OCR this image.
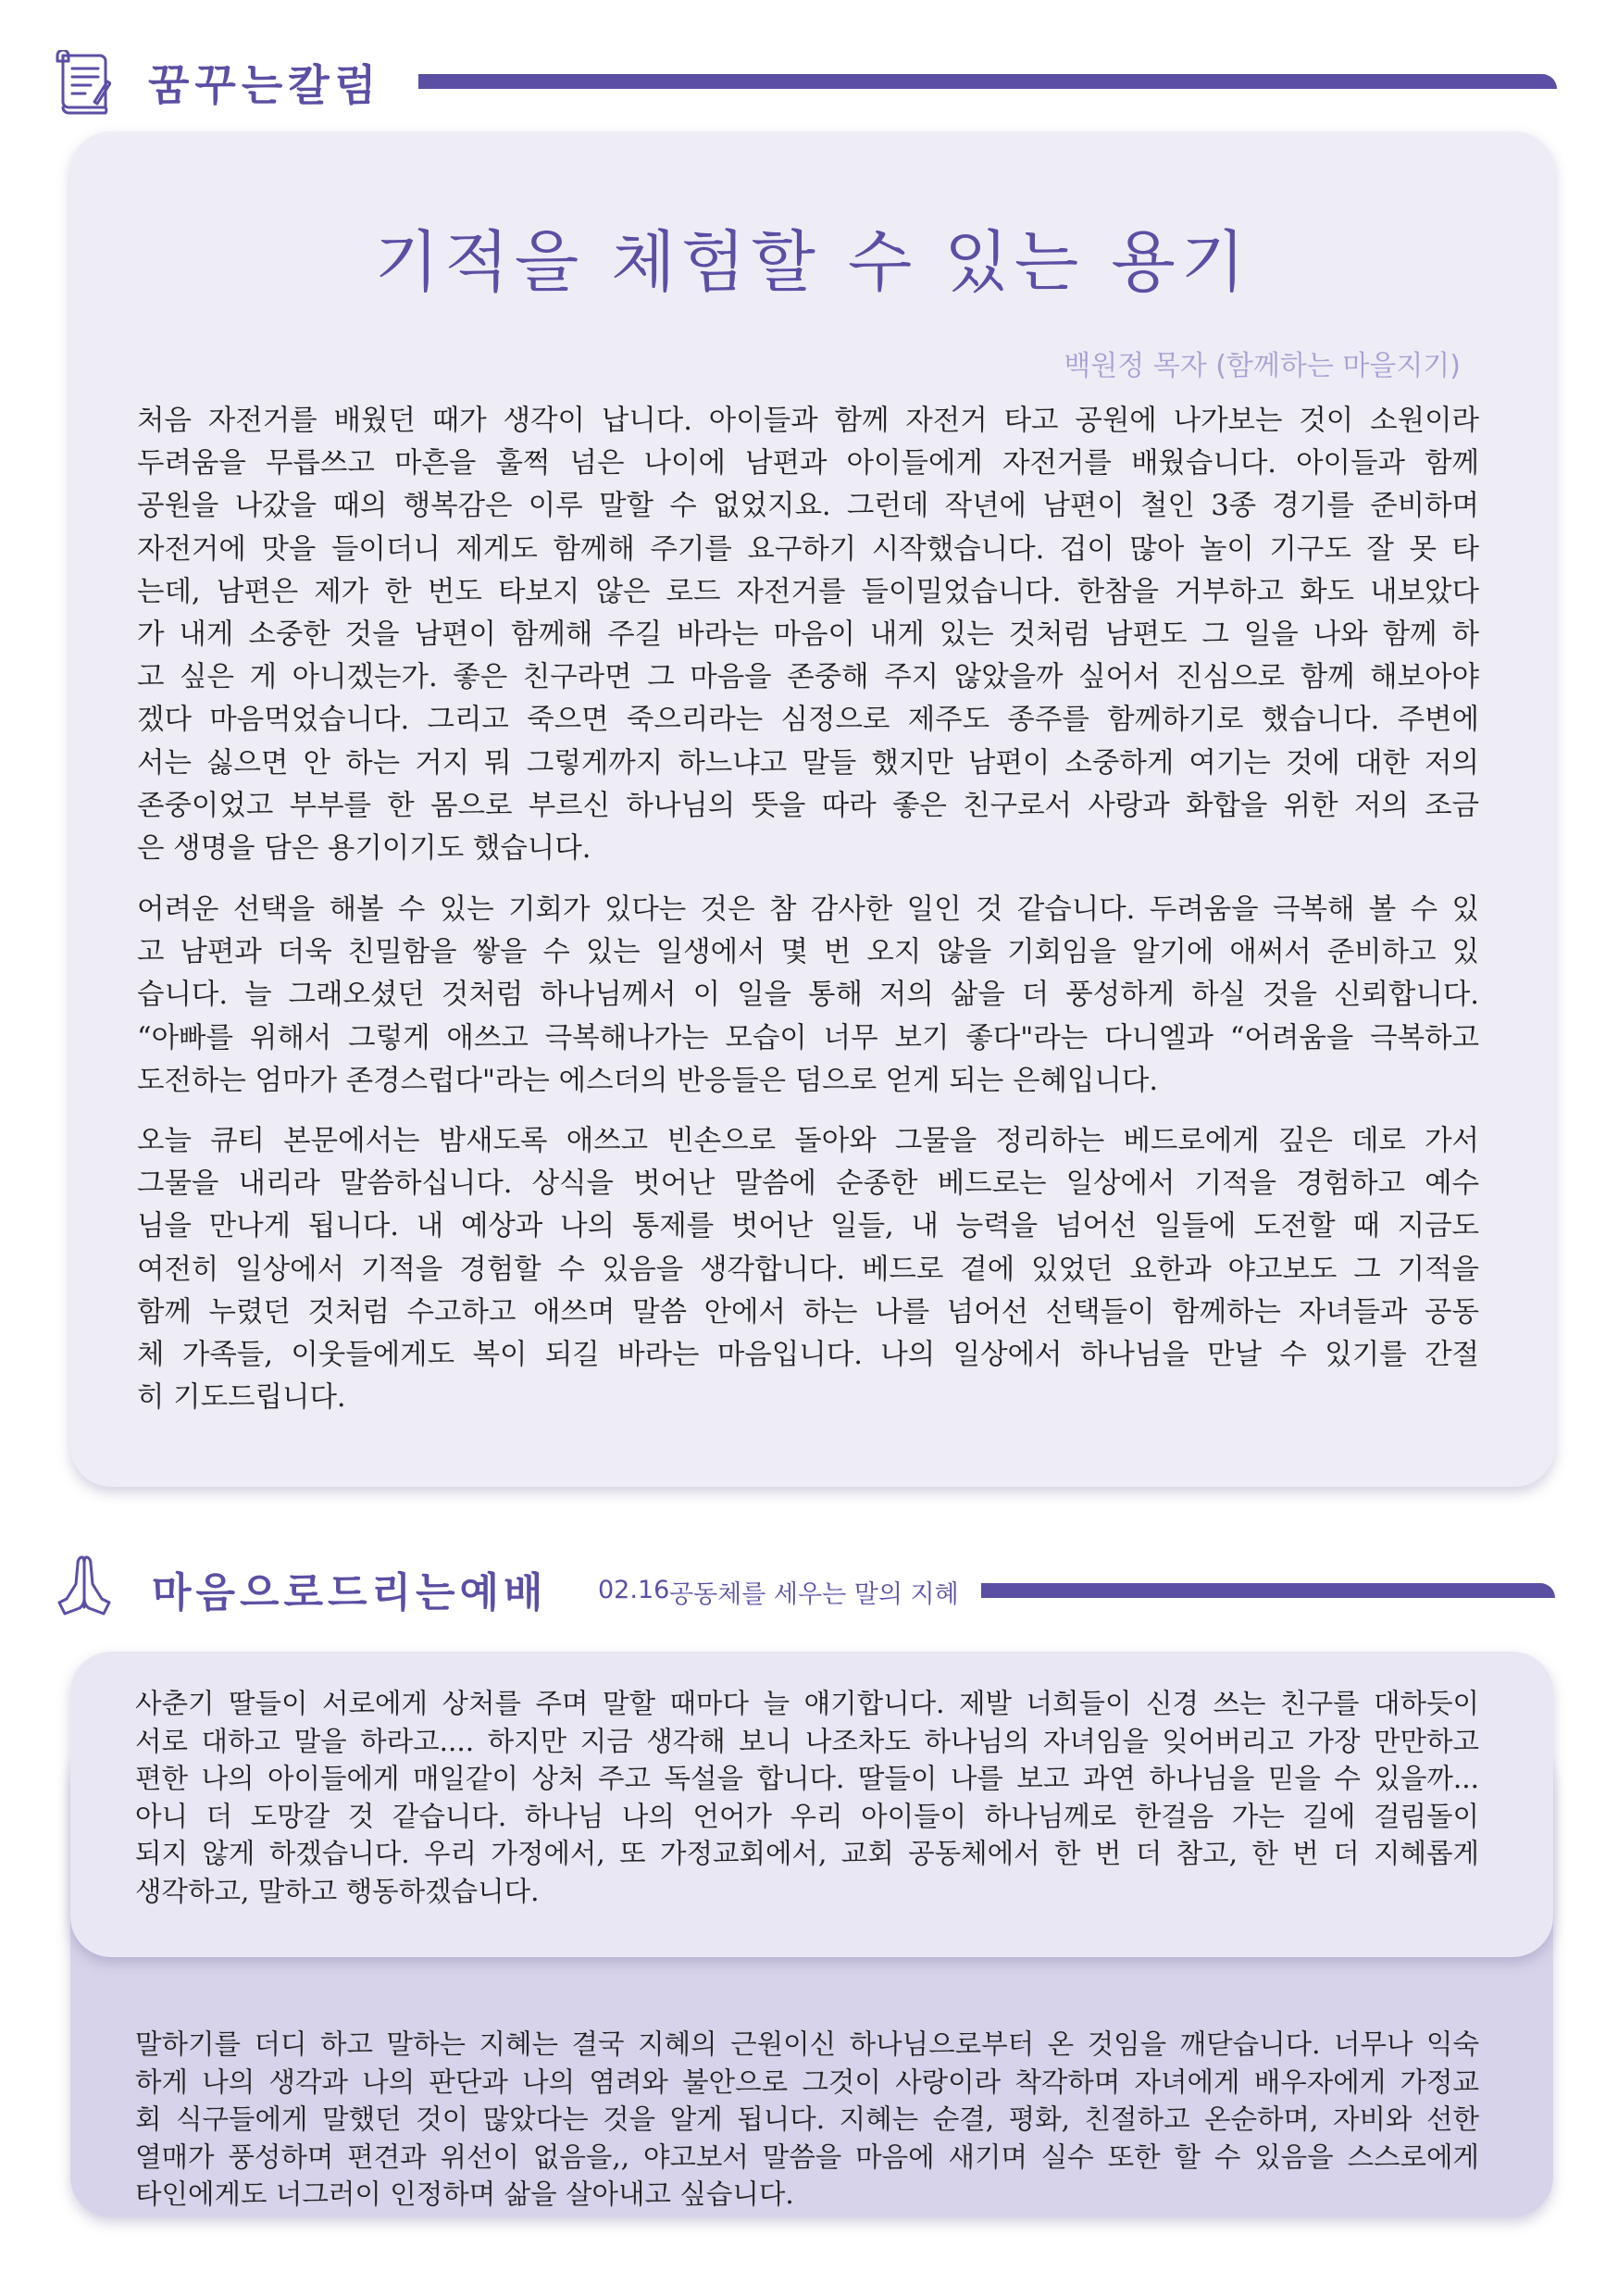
꿈꾸는칼럼
기적을 체험할 수 있는 용기
백원정 목자 (함께하는 마을지기)
처음 자전거를 배웠던 때가 생각이 납니다. 아이들과 함께 자전거 타고 공원에 나가보는 것이 소원이라
두려움을 무릅쓰고 마흔을 훌쩍 넘은 나이에 남편과 아이들에게 자전거를 배웠습니다. 아이들과 함께
공원을 나갔을 때의 행복감은 이루 말할 수 없었지요. 그런데 작년에 남편이 철인 3종 경기를 준비하며
자전거에 맛을 들이더니 제게도 함께해 주기를 요구하기 시작했습니다. 겁이 많아 놀이 기구도 잘 못 타
는데, 남편은 제가 한 번도 타보지 않은 로드 자전거를 들이밀었습니다. 한참을 거부하고 화도 내보았다
가 내게 소중한 것을 남편이 함께해 주길 바라는 마음이 내게 있는 것처럼 남편도 그 일을 나와 함께 하
고 싶은 게 아니겠는가. 좋은 친구라면 그 마음을 존중해 주지 않았을까 싶어서 진심으로 함께 해보아야
겠다 마음먹었습니다. 그리고 죽으면 죽으리라는 심정으로 제주도 종주를 함께하기로 했습니다. 주변에
서는 싫으면 안 하는 거지 뭐 그렇게까지 하느냐고 말들 했지만 남편이 소중하게 여기는 것에 대한 저의
존중이었고 부부를 한 몸으로 부르신 하나님의 뜻을 따라 좋은 친구로서 사랑과 화합을 위한 저의 조금
은 생명을 담은 용기이기도 했습니다.
어려운 선택을 해볼 수 있는 기회가 있다는 것은 참 감사한 일인 것 같습니다. 두려움을 극복해 볼 수 있
고 남편과 더욱 친밀함을 쌓을 수 있는 일생에서 몇 번 오지 않을 기회임을 알기에 애써서 준비하고 있
습니다. 늘 그래오셨던 것처럼 하나님께서 이 일을 통해 저의 삶을 더 풍성하게 하실 것을 신뢰합니다.
“아빠를 위해서 그렇게 애쓰고 극복해나가는 모습이 너무 보기 좋다"라는 다니엘과 “어려움을 극복하고
도전하는 엄마가 존경스럽다"라는 에스더의 반응들은 덤으로 얻게 되는 은혜입니다.
오늘 큐티 본문에서는 밤새도록 애쓰고 빈손으로 돌아와 그물을 정리하는 베드로에게 깊은 데로 가서
그물을 내리라 말씀하십니다. 상식을 벗어난 말씀에 순종한 베드로는 일상에서 기적을 경험하고 예수
님을 만나게 됩니다. 내 예상과 나의 통제를 벗어난 일들, 내 능력을 넘어선 일들에 도전할 때 지금도
여전히 일상에서 기적을 경험할 수 있음을 생각합니다. 베드로 곁에 있었던 요한과 야고보도 그 기적을
함께 누렸던 것처럼 수고하고 애쓰며 말씀 안에서 하는 나를 넘어선 선택들이 함께하는 자녀들과 공동
체 가족들, 이웃들에게도 복이 되길 바라는 마음입니다. 나의 일상에서 하나님을 만날 수 있기를 간절
히 기도드립니다.
마음으로드리는예배 02.16 공동체를 세우는 말의 지혜
사춘기 딸들이 서로에게 상처를 주며 말할 때마다 늘 얘기합니다. 제발 너희들이 신경 쓰는 친구를 대하듯이
서로 대하고 말을 하라고.... 하지만 지금 생각해 보니 나조차도 하나님의 자녀임을 잊어버리고 가장 만만하고
편한 나의 아이들에게 매일같이 상처 주고 독설을 합니다. 딸들이 나를 보고 과연 하나님을 믿을 수 있을까...
아니 더 도망갈 것 같습니다. 하나님 나의 언어가 우리 아이들이 하나님께로 한걸음 가는 길에 걸림돌이
되지 않게 하겠습니다. 우리 가정에서, 또 가정교회에서, 교회 공동체에서 한 번 더 참고, 한 번 더 지혜롭게
생각하고, 말하고 행동하겠습니다.
말하기를 더디 하고 말하는 지혜는 결국 지혜의 근원이신 하나님으로부터 온 것임을 깨닫습니다. 너무나 익숙
하게 나의 생각과 나의 판단과 나의 염려와 불안으로 그것이 사랑이라 착각하며 자녀에게 배우자에게 가정교
회 식구들에게 말했던 것이 많았다는 것을 알게 됩니다. 지혜는 순결, 평화, 친절하고 온순하며, 자비와 선한
열매가 풍성하며 편견과 위선이 없음을,, 야고보서 말씀을 마음에 새기며 실수 또한 할 수 있음을 스스로에게
타인에게도 너그러이 인정하며 삶을 살아내고 싶습니다.
